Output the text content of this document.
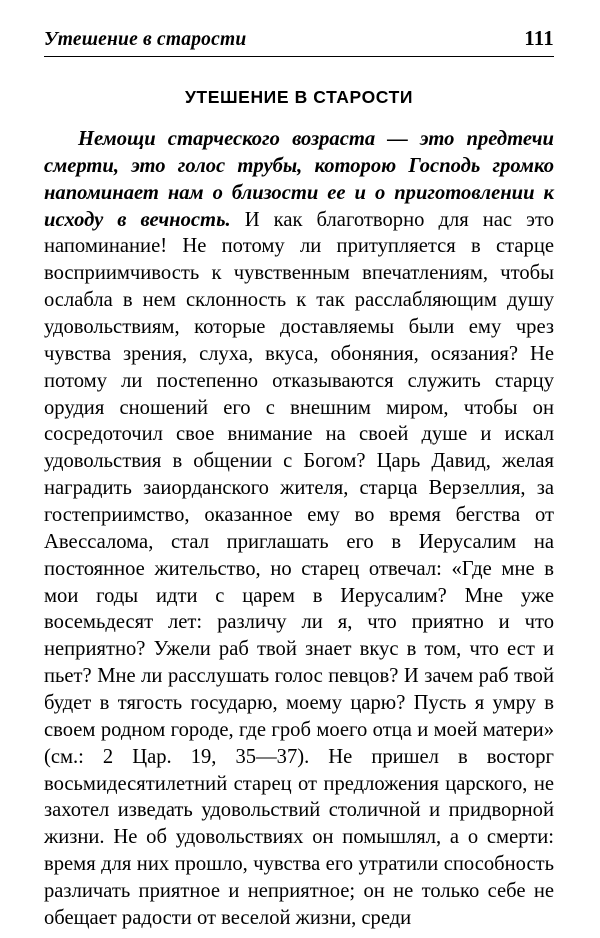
Утешение в старости	111
УТЕШЕНИЕ В СТАРОСТИ

Немощи старческого возраста — это предтечи смерти, это голос трубы, которою Господь громко напоминает нам о близости ее и о приготовлении к исходу в вечность. И как благотворно для нас это напоминание! Не потому ли притупляется в старце восприимчивость к чувственным впечатлениям, чтобы ослабла в нем склонность к так расслабляющим душу удовольствиям, которые доставляемы были ему чрез чувства зрения, слуха, вкуса, обоняния, осязания? Не потому ли постепенно отказываются служить старцу орудия сношений его с внешним миром, чтобы он сосредоточил свое внимание на своей душе и искал удовольствия в общении с Богом? Царь Давид, желая наградить заиорданского жителя, старца Верзеллия, за гостеприимство, оказанное ему во время бегства от Авессалома, стал приглашать его в Иерусалим на постоянное жительство, но старец отвечал: «Где мне в мои годы идти с царем в Иерусалим? Мне уже восемьдесят лет: различу ли я, что приятно и что неприятно? Ужели раб твой знает вкус в том, что ест и пьет? Мне ли расслушать голос певцов? И зачем раб твой будет в тягость государю, моему царю? Пусть я умру в своем родном городе, где гроб моего отца и моей матери» (см.: 2 Цар. 19, 35—37). Не пришел в восторг восьмидесятилетний старец от предложения царского, не захотел изведать удовольствий столичной и придворной жизни. Не об удовольствиях он помышлял, а о смерти: время для них прошло, чувства его утратили способность различать приятное и неприятное; он не только себе не обещает радости от веселой жизни, среди
